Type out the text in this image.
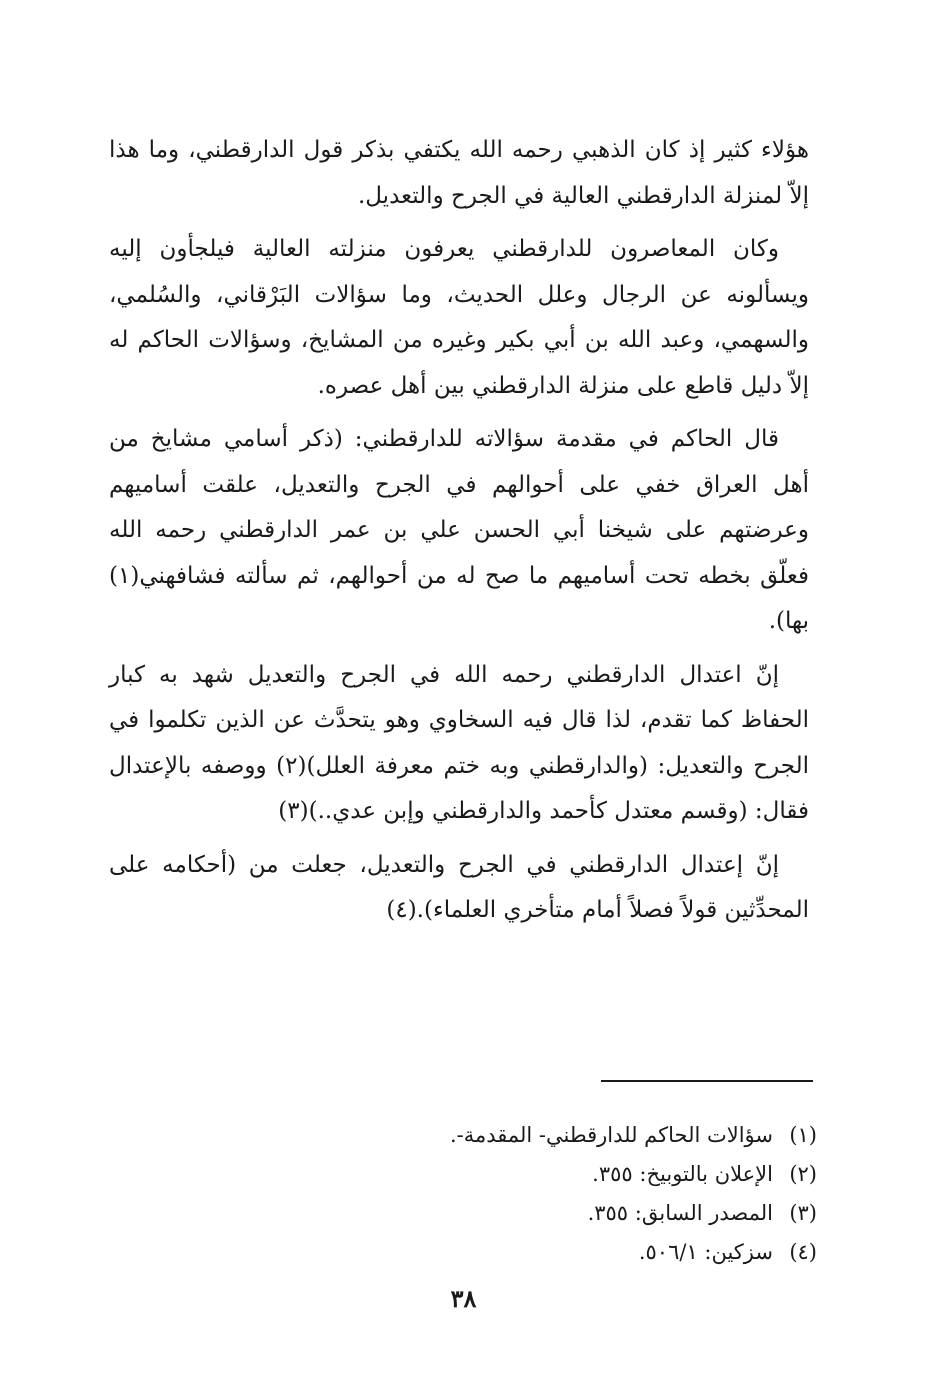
هؤلاء كثير إذ كان الذهبي رحمه الله يكتفي بذكر قول الدارقطني، وما هذا إلاّ لمنزلة الدارقطني العالية في الجرح والتعديل.

وكان المعاصرون للدارقطني يعرفون منزلته العالية فيلجأون إليه ويسألونه عن الرجال وعلل الحديث، وما سؤالات البَرْقاني، والسُلمي، والسهمي، وعبد الله بن أبي بكير وغيره من المشايخ، وسؤالات الحاكم له إلاّ دليل قاطع على منزلة الدارقطني بين أهل عصره.

قال الحاكم في مقدمة سؤالاته للدارقطني: (ذكر أسامي مشايخ من أهل العراق خفي على أحوالهم في الجرح والتعديل، علقت أساميهم وعرضتهم على شيخنا أبي الحسن علي بن عمر الدارقطني رحمه الله فعلّق بخطه تحت أساميهم ما صح له من أحوالهم، ثم سألته فشافهني(١) بها).

إنّ اعتدال الدارقطني رحمه الله في الجرح والتعديل شهد به كبار الحفاظ كما تقدم، لذا قال فيه السخاوي وهو يتحدَّث عن الذين تكلموا في الجرح والتعديل: (والدارقطني وبه ختم معرفة العلل)(٢) ووصفه بالإعتدال فقال: (وقسم معتدل كأحمد والدارقطني وإبن عدي..)(٣)

إنّ إعتدال الدارقطني في الجرح والتعديل، جعلت من (أحكامه على المحدِّثين قولاً فصلاً أمام متأخري العلماء).(٤)

(١)
سؤالات الحاكم للدارقطني- المقدمة-.
(٢)
الإعلان بالتوبيخ: ٣٥٥.
(٣)
المصدر السابق: ٣٥٥.
(٤)
سزكين: ٥٠٦/١.
٣٨
